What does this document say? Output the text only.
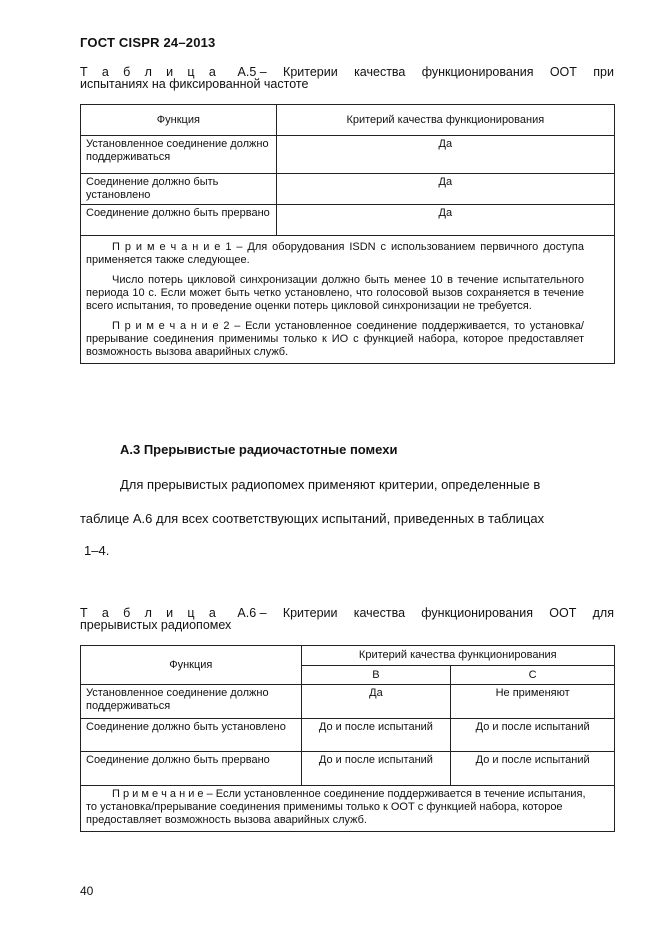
ГОСТ CISPR 24–2013
Т а б л и ц а А.5 – Критерии качества функционирования ООТ при
испытаниях на фиксированной частоте
Функция	Критерий качества функционирования
Установленное соединение должно поддерживаться	Да
Соединение должно быть установлено	Да
Соединение должно быть прервано	Да

П р и м е ч а н и е 1 – Для оборудования ISDN с использованием первичного доступа применяется также следующее.

Число потерь цикловой синхронизации должно быть менее 10 в течение испытательного периода 10 с. Если может быть четко установлено, что голосовой вызов сохраняется в течение всего испытания, то проведение оценки потерь цикловой синхронизации не требуется.

П р и м е ч а н и е 2 – Если установленное соединение поддерживается, то установка/прерывание соединения применимы только к ИО с функцией набора, которое предоставляет возможность вызова аварийных служб.	

А.3 Прерывистые радиочастотные помехи
Для прерывистых радиопомех применяют критерии, определенные в
таблице А.6 для всех соответствующих испытаний, приведенных в таблицах
1–4.
Т а б л и ц а А.6 – Критерии качества функционирования ООТ для
прерывистых радиопомех
Функция	Критерий качества функционирования	
	B	C
Установленное соединение должно поддерживаться	Да	Не применяют
Соединение должно быть установлено	До и после испытаний	До и после испытаний
Соединение должно быть прервано	До и после испытаний	До и после испытаний

П р и м е ч а н и е – Если установленное соединение поддерживается в течение испытания, то установка/прерывание соединения применимы только к ООТ с функцией набора, которое предоставляет возможность вызова аварийных служб.		

40
